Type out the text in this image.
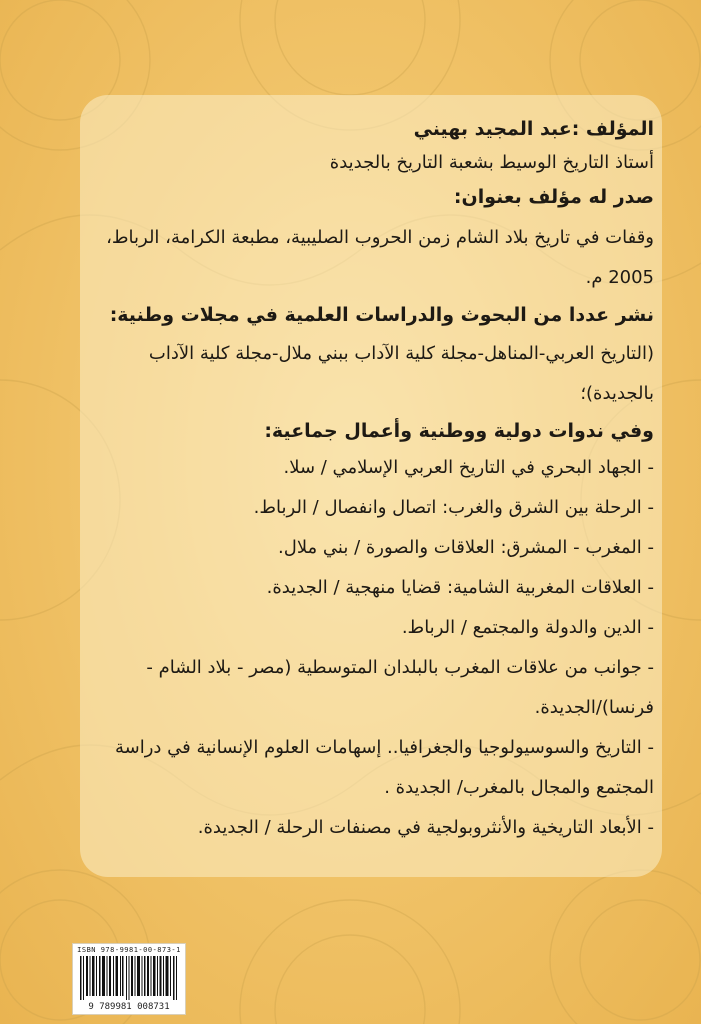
المؤلف :عبد المجيد بهيني

أستاذ التاريخ الوسيط بشعبة التاريخ بالجديدة

صدر له مؤلف بعنوان:

وقفات في تاريخ بلاد الشام زمن الحروب الصليبية، مطبعة الكرامة، الرباط،

2005 م.

نشر عددا من البحوث والدراسات العلمية في مجلات وطنية:

(التاريخ العربي-المناهل-مجلة كلية الآداب ببني ملال-مجلة كلية الآداب

بالجديدة)؛

وفي ندوات دولية ووطنية وأعمال جماعية:

- الجهاد البحري في التاريخ العربي الإسلامي / سلا.
- الرحلة بين الشرق والغرب: اتصال وانفصال / الرباط.
- المغرب - المشرق: العلاقات والصورة / بني ملال.
- العلاقات المغربية الشامية: قضايا منهجية / الجديدة.
- الدين والدولة والمجتمع / الرباط.
- جوانب من علاقات المغرب بالبلدان المتوسطية (مصر - بلاد الشام - فرنسا)/الجديدة.
- التاريخ والسوسيولوجيا والجغرافيا.. إسهامات العلوم الإنسانية في دراسة المجتمع والمجال بالمغرب/ الجديدة .
- الأبعاد التاريخية والأنثروبولجية في مصنفات الرحلة / الجديدة.
ISBN 978-9981-00-873-1
9 789981 008731
